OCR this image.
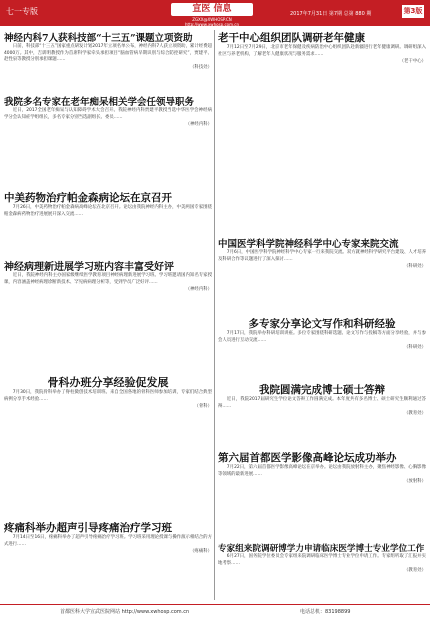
七一专版	宣医 信息
ZGXX@XWHOSP.CN http://www.xwhosp.com.cn
2017年7月31日 第7期 总第 880 期	第3版
神经内科7人获科技部“十三五”课题立项资助

日前，科技部“十三五”国家重点研发计划2017年立项名单公布，神经内科7人获立项资助，累计经费超4000万。其中，吉训明教授作为首席科学家牵头承担项目“脑血管病早期识别与综合防控研究”，贾建平、赵性泉等教授分别承担课题……

（科技处）

我院多名专家在老年痴呆相关学会任领导职务

近日，2017全国老年痴呆与认知障碍学术大会召开。我院神经内科贾建平教授当选中华医学会神经病学分会认知症学组组长，多名专家分别当选副组长、委员……

（神经内科）

中美药物治疗帕金森病论坛在京召开

7月26日，中美药物治疗帕金森病高峰论坛在北京召开。论坛由我院神经内科主办，中美两国专家围绕帕金森病药物治疗进展展开深入交流……

神经病理新进展学习班内容丰富受好评

近日，我院神经内科主办国家级继续医学教育项目神经病理新进展学习班。学习班邀请国内知名专家授课，内容涵盖神经病理诊断新技术、罕见病病理分析等，受到学员广泛好评……

（神经内科）

骨科办班分享经验促发展

7月30日，我院骨科举办了脊柱微创技术培训班。来自全国各地的骨科医师参加培训，专家们结合典型病例分享手术经验……

（骨科）

疼痛科举办超声引导疼痛治疗学习班

7月14日至16日，疼痛科举办了超声引导疼痛治疗学习班。学习班采用理论授课与操作演示相结合的方式进行……

（疼痛科）

老干中心组织团队调研老年健康

7月12日至7月29日，北京市老年保健及疾病防治中心组织团队赴新疆进行老年健康调研。调研组深入社区与养老机构，了解老年人健康状况与服务需求……

（老干中心）

中国医学科学院神经科学中心专家来院交流

7月6日，中国医学科学院神经科学中心专家一行来我院交流。双方就神经科学研究平台建设、人才培养及科研合作等议题进行了深入探讨……

（科研处）

多专家分享论文写作和科研经验

7月17日，我院举办科研培训讲座。多位专家围绕科研选题、论文写作与投稿等方面分享经验，并与参会人员进行互动交流……

（科研处）

我院圆满完成博士硕士答辩

近日，我院2017届研究生学位论文答辩工作圆满完成。本年度共有多名博士、硕士研究生顺利通过答辩……

（教育处）

第六届首都医学影像高峰论坛成功举办

7月22日，第六届首都医学影像高峰论坛在京举办。论坛由我院放射科主办，聚焦神经影像、心胸影像等领域的最新进展……

（放射科）

专家组来院调研博学力申请临床医学博士专业学位工作

6月27日，国务院学位委员会专家组来院调研临床医学博士专业学位申请工作。专家组听取了汇报并实地考察……

（教育处）

首都医科大学宣武医院网站 http://www.xwhosp.com.cn	电话总机：83198899
